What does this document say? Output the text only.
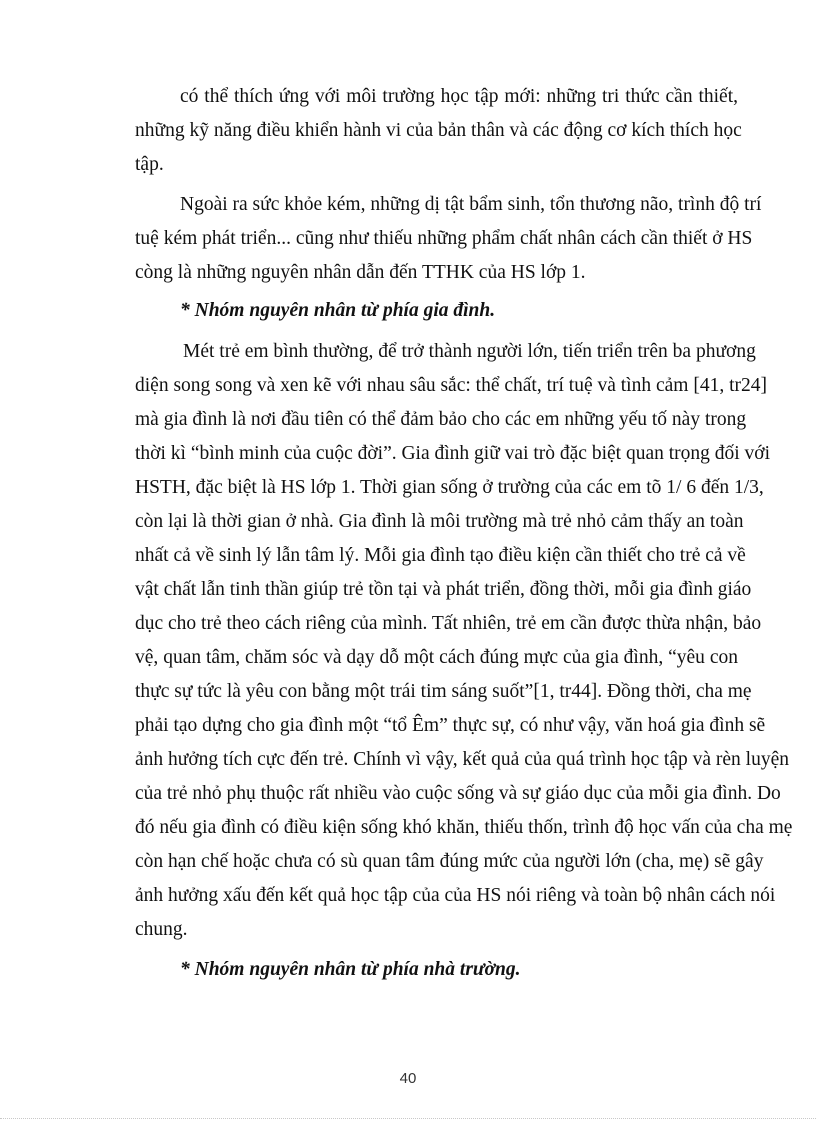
có thể thích ứng với môi trường học tập mới: những tri thức cần thiết,

những kỹ năng điều khiển hành vi của bản thân và các động cơ kích thích học

tập.

Ngoài ra sức khỏe kém, những dị tật bẩm sinh, tổn thương não, trình độ trí

tuệ kém phát triển... cũng như thiếu những phẩm chất nhân cách cần thiết ở HS

còng là những nguyên nhân dẫn đến TTHK của HS lớp 1.

* Nhóm nguyên nhân từ phía gia đình.

Mét trẻ em bình thường, để trở thành người lớn, tiến triển trên ba phương

diện song song và xen kẽ với nhau sâu sắc: thể chất, trí tuệ và tình cảm [41, tr24]

mà gia đình là nơi đầu tiên có thể đảm bảo cho các em những yếu tố này trong

thời kì “bình minh của cuộc đời”. Gia đình giữ vai trò đặc biệt quan trọng đối với

HSTH, đặc biệt là HS lớp 1. Thời gian sống ở trường của các em tõ 1/ 6 đến 1/3,

còn lại là thời gian ở nhà. Gia đình là môi trường mà trẻ nhỏ cảm thấy an toàn

nhất cả về sinh lý lẫn tâm lý. Mỗi gia đình tạo điều kiện cần thiết cho trẻ cả về

vật chất lẫn tinh thần giúp trẻ tồn tại và phát triển, đồng thời, mỗi gia đình giáo

dục cho trẻ theo cách riêng của mình. Tất nhiên, trẻ em cần được thừa nhận, bảo

vệ, quan tâm, chăm sóc và dạy dỗ một cách đúng mực của gia đình, “yêu con

thực sự tức là yêu con bằng một trái tim sáng suốt”[1, tr44]. Đồng thời, cha mẹ

phải tạo dựng cho gia đình một “tổ Êm” thực sự, có như vậy, văn hoá gia đình sẽ

ảnh hưởng tích cực đến trẻ. Chính vì vậy, kết quả của quá trình học tập và rèn luyện

của trẻ nhỏ phụ thuộc rất nhiều vào cuộc sống và sự giáo dục của mỗi gia đình. Do

đó nếu gia đình có điều kiện sống khó khăn, thiếu thốn, trình độ học vấn của cha mẹ

còn hạn chế hoặc chưa có sù quan tâm đúng mức của người lớn (cha, mẹ) sẽ gây

ảnh hưởng xấu đến kết quả học tập của của HS nói riêng và toàn bộ nhân cách nói

chung.

* Nhóm nguyên nhân từ phía nhà trường.

40
